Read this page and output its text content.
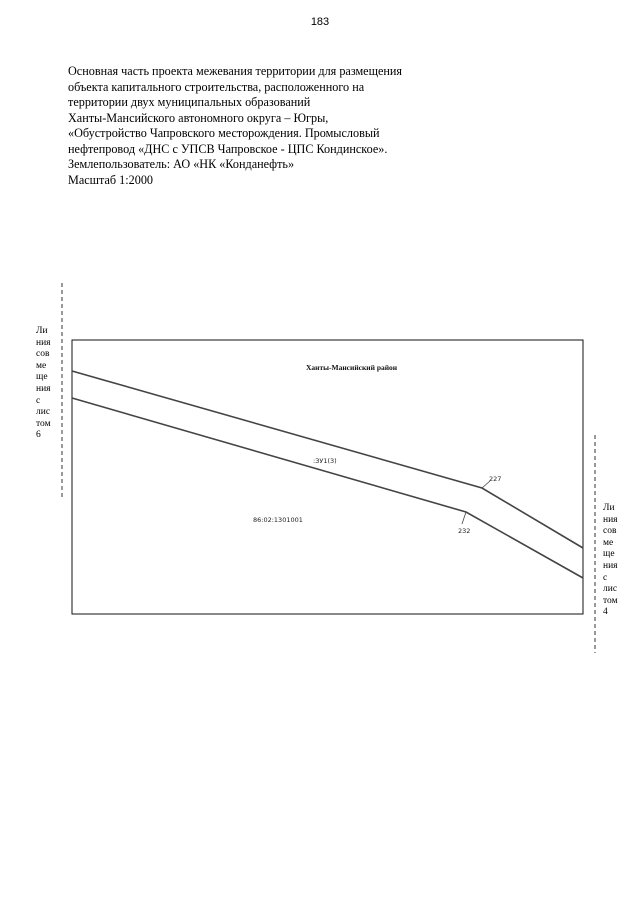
183
Основная часть проекта межевания территории для размещения
объекта капитального строительства, расположенного на
территории двух муниципальных образований
Ханты-Мансийского автономного округа – Югры,
«Обустройство Чапровского месторождения. Промысловый
нефтепровод «ДНС с УПСВ Чапровское - ЦПС Кондинское».
Землепользователь: АО «НК «Конданефть»
Масштаб 1:2000
Ли
ния
сов
ме
ще
ния
с
лис
том
6
Ли
ния
сов
ме
ще
ния
с
лис
том
4
Ханты-Мансийский район
:ЗУ1(3)
86:02:1301001
227
232
